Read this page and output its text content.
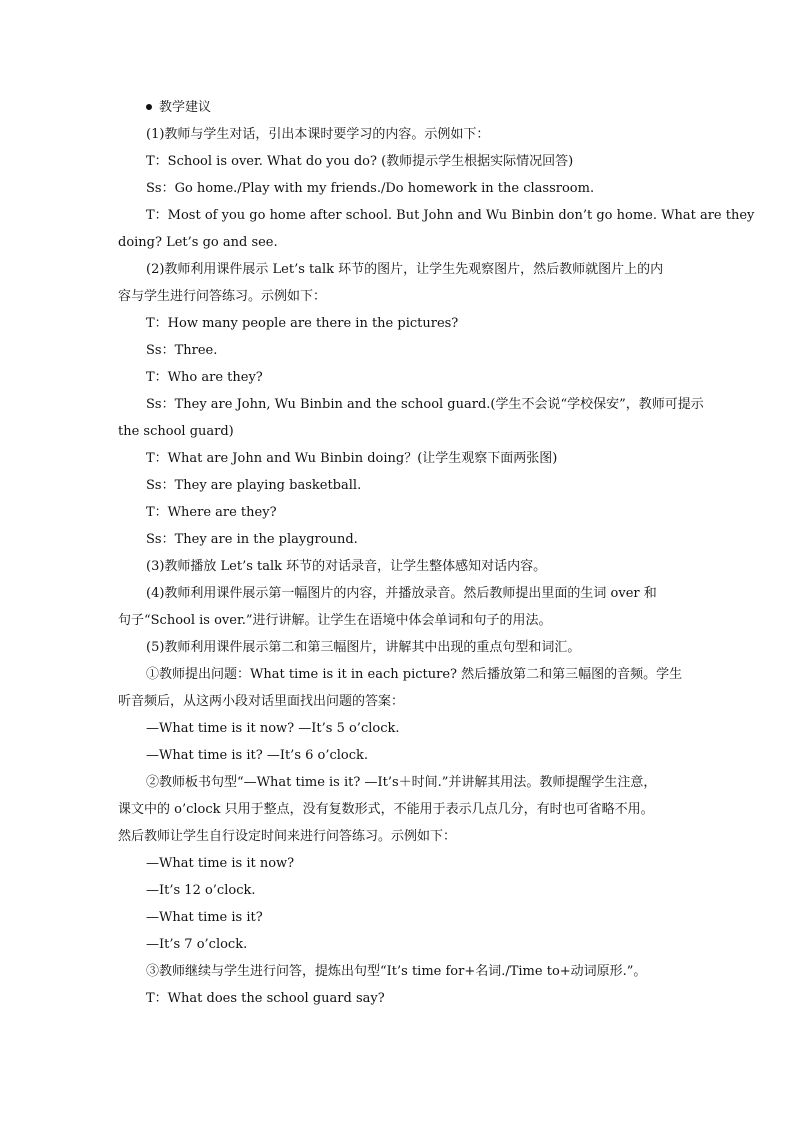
教学建议
(1)教师与学生对话，引出本课时要学习的内容。示例如下：
T：School is over. What do you do? (教师提示学生根据实际情况回答)
Ss：Go home./Play with my friends./Do homework in the classroom.
T：Most of you go home after school. But John and Wu Binbin don’t go home. What are they
doing? Let’s go and see.
(2)教师利用课件展示 Let’s talk 环节的图片，让学生先观察图片，然后教师就图片上的内
容与学生进行问答练习。示例如下：
T：How many people are there in the pictures?
Ss：Three.
T：Who are they?
Ss：They are John, Wu Binbin and the school guard.(学生不会说“学校保安”，教师可提示
the school guard)
T：What are John and Wu Binbin doing？(让学生观察下面两张图)
Ss：They are playing basketball.
T：Where are they?
Ss：They are in the playground.
(3)教师播放 Let’s talk 环节的对话录音，让学生整体感知对话内容。
(4)教师利用课件展示第一幅图片的内容，并播放录音。然后教师提出里面的生词 over 和
句子“School is over.”进行讲解。让学生在语境中体会单词和句子的用法。
(5)教师利用课件展示第二和第三幅图片，讲解其中出现的重点句型和词汇。
①教师提出问题：What time is it in each picture? 然后播放第二和第三幅图的音频。学生
听音频后，从这两小段对话里面找出问题的答案：
—What time is it now? —It’s 5 o’clock.
—What time is it? —It’s 6 o’clock.
②教师板书句型“—What time is it? —It’s＋时间.”并讲解其用法。教师提醒学生注意，
课文中的 o’clock 只用于整点，没有复数形式，不能用于表示几点几分，有时也可省略不用。
然后教师让学生自行设定时间来进行问答练习。示例如下：
—What time is it now?
—It’s 12 o’clock.
—What time is it?
—It’s 7 o’clock.
③教师继续与学生进行问答，提炼出句型“It’s time for+名词./Time to+动词原形.”。
T：What does the school guard say?
